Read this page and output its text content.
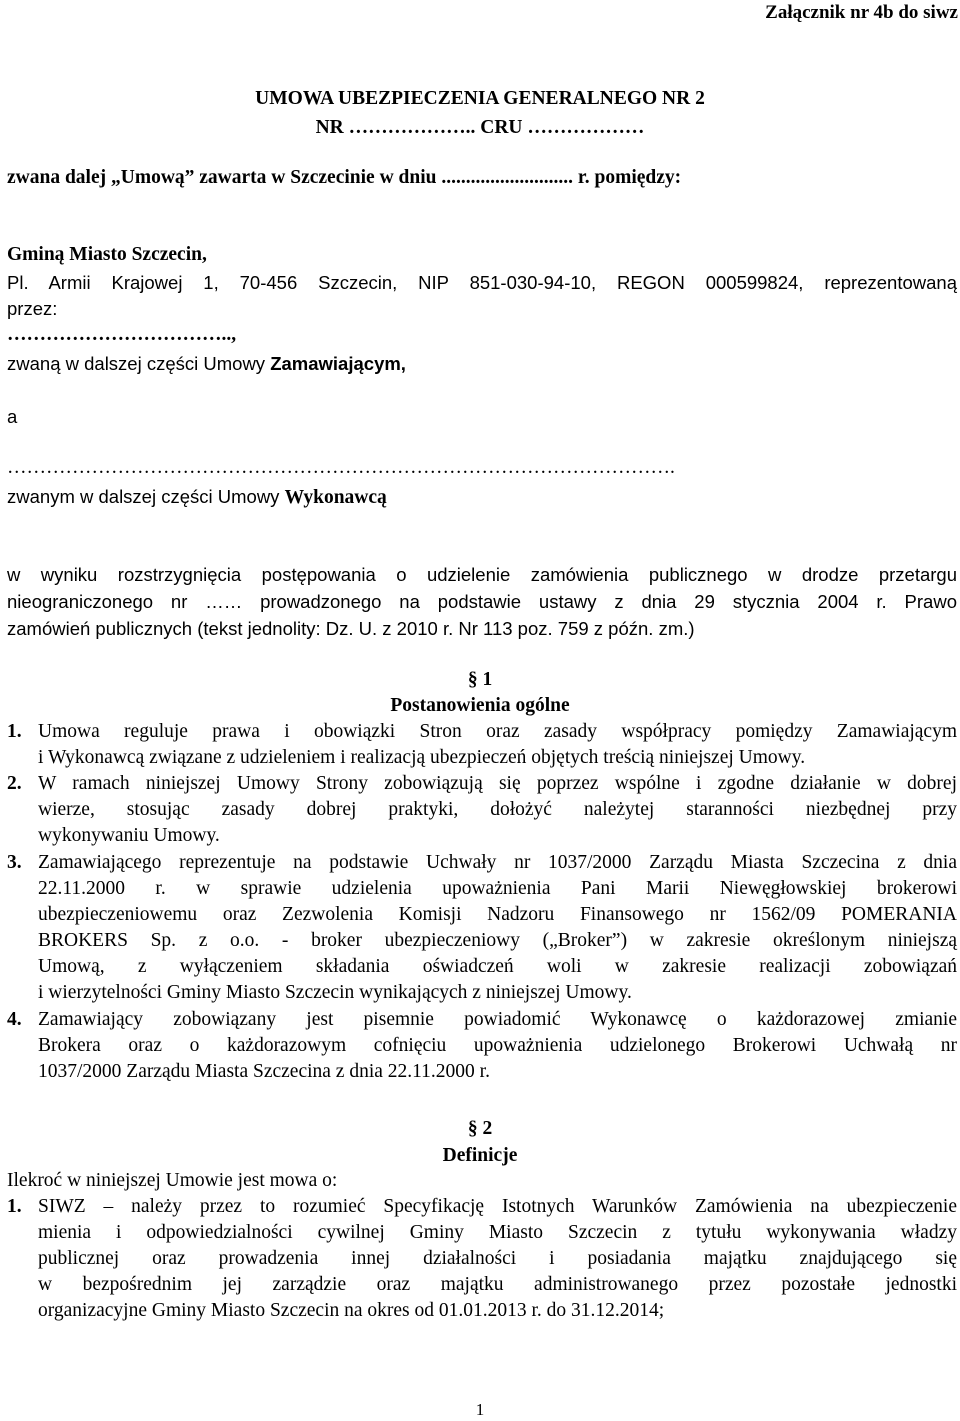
Załącznik nr 4b do siwz
UMOWA UBEZPIECZENIA GENERALNEGO NR 2
NR ……………….. CRU ………………
zwana dalej „Umową” zawarta w Szczecinie w dniu ........................... r. pomiędzy:
Gminą Miasto Szczecin,
Pl. Armii Krajowej 1, 70-456 Szczecin, NIP 851-030-94-10, REGON 000599824, reprezentowaną
przez:
……………………………..,
zwaną w dalszej części Umowy Zamawiającym,
a
………………………………………………………………………………………….
zwanym w dalszej części Umowy Wykonawcą
w wyniku rozstrzygnięcia postępowania o udzielenie zamówienia publicznego w drodze przetargu
nieograniczonego nr …… prowadzonego na podstawie ustawy z dnia 29 stycznia 2004 r. Prawo
zamówień publicznych (tekst jednolity: Dz. U. z 2010 r. Nr 113 poz. 759 z późn. zm.)
§ 1
Postanowienia ogólne
1. Umowa reguluje prawa i obowiązki Stron oraz zasady współpracy pomiędzy Zamawiającym
i Wykonawcą związane z udzieleniem i realizacją ubezpieczeń objętych treścią niniejszej Umowy.
2. W ramach niniejszej Umowy Strony zobowiązują się poprzez wspólne i zgodne działanie w dobrej
wierze, stosując zasady dobrej praktyki, dołożyć należytej staranności niezbędnej przy
wykonywaniu Umowy.
3. Zamawiającego reprezentuje na podstawie Uchwały nr 1037/2000 Zarządu Miasta Szczecina z dnia
22.11.2000 r. w sprawie udzielenia upoważnienia Pani Marii Niewęgłowskiej brokerowi
ubezpieczeniowemu oraz Zezwolenia Komisji Nadzoru Finansowego nr 1562/09 POMERANIA
BROKERS Sp. z o.o. - broker ubezpieczeniowy („Broker”) w zakresie określonym niniejszą
Umową, z wyłączeniem składania oświadczeń woli w zakresie realizacji zobowiązań
i wierzytelności Gminy Miasto Szczecin wynikających z niniejszej Umowy.
4. Zamawiający zobowiązany jest pisemnie powiadomić Wykonawcę o każdorazowej zmianie
Brokera oraz o każdorazowym cofnięciu upoważnienia udzielonego Brokerowi Uchwałą nr
1037/2000 Zarządu Miasta Szczecina z dnia 22.11.2000 r.
§ 2
Definicje
Ilekroć w niniejszej Umowie jest mowa o:
1. SIWZ – należy przez to rozumieć Specyfikację Istotnych Warunków Zamówienia na ubezpieczenie
mienia i odpowiedzialności cywilnej Gminy Miasto Szczecin z tytułu wykonywania władzy
publicznej oraz prowadzenia innej działalności i posiadania majątku znajdującego się
w bezpośrednim jej zarządzie oraz majątku administrowanego przez pozostałe jednostki
organizacyjne Gminy Miasto Szczecin na okres od 01.01.2013 r. do 31.12.2014;
1
